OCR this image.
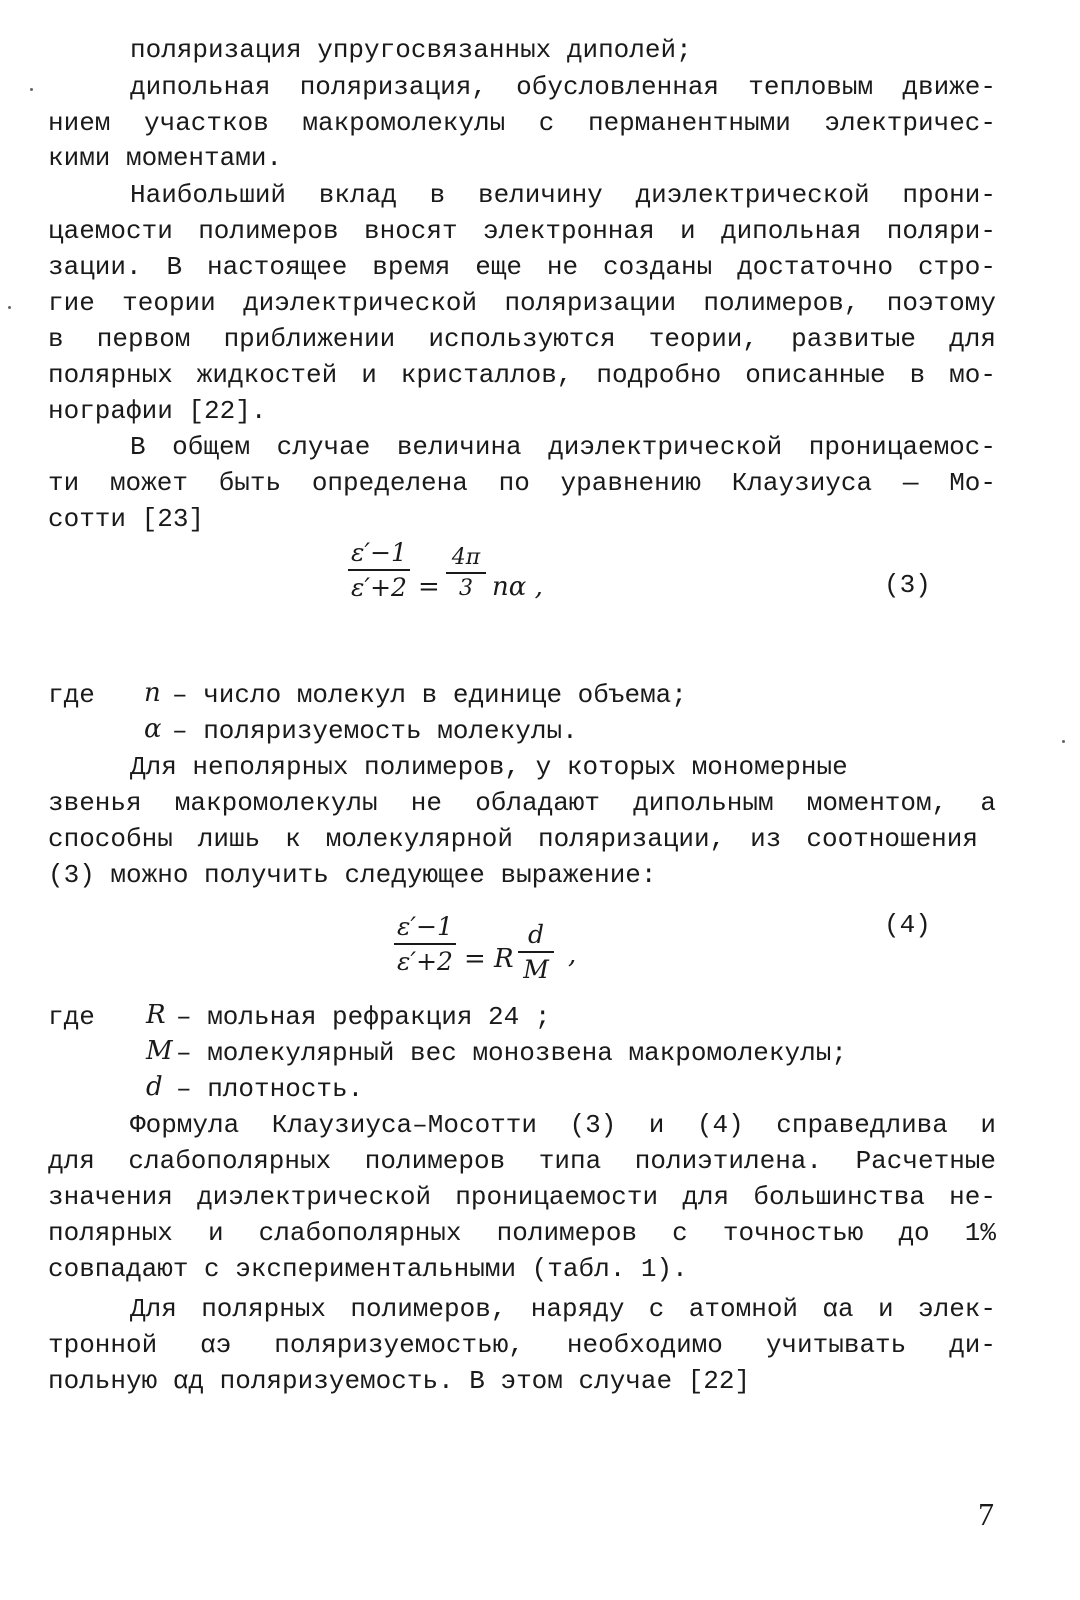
поляризация упругосвязанных диполей;
дипольная поляризация, обусловленная тепловым движе-
нием участков макромолекулы с перманентными электричес-
кими моментами.
Наибольший вклад в величину диэлектрической прони-
цаемости полимеров вносят электронная и дипольная поляри-
зации. В настоящее время еще не созданы достаточно стро-
гие теории диэлектрической поляризации полимеров, поэтому
в первом приближении используются теории, развитые для
полярных жидкостей и кристаллов, подробно описанные в мо-
нографии [22].
В общем случае величина диэлектрической проницаемос-
ти может быть определена по уравнению Клаузиуса — Мо-
сотти [23]
ε′−1
ε′+2 =
4π
3 nα ,	(3)
где n – число молекул в единице объема;
α – поляризуемость молекулы.
Для неполярных полимеров, у которых мономерные
звенья макромолекулы не обладают дипольным моментом, а
способны лишь к молекулярной поляризации, из соотношения
(3) можно получить следующее выражение:
ε′−1
ε′+2 = R
d
M ,
(4)
где R – мольная рефракция 24 ;
M – молекулярный вес монозвена макромолекулы;
d – плотность.
Формула Клаузиуса–Мосотти (3) и (4) справедлива и
для слабополярных полимеров типа полиэтилена. Расчетные
значения диэлектрической проницаемости для большинства не-
полярных и слабополярных полимеров с точностью до 1%
совпадают с экспериментальными (табл. 1).
Для полярных полимеров, наряду с атомной αa и элек-
тронной αэ поляризуемостью, необходимо учитывать ди-
польную αд поляризуемость. В этом случае [22]
7
